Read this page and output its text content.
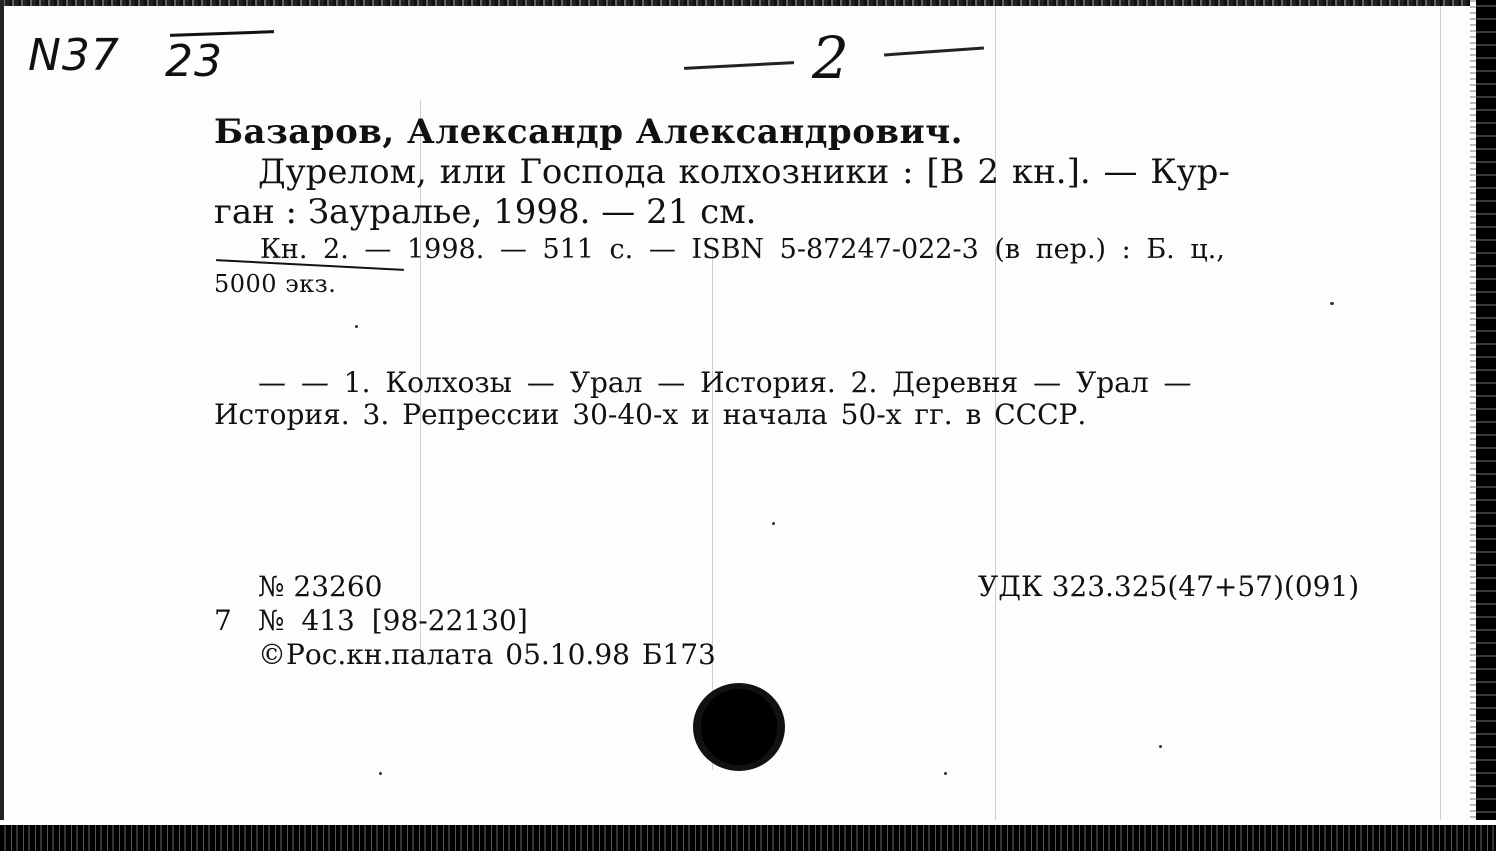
N37 23	2
Базаров, Александр Александрович.
Дурелом, или Господа колхозники : [В 2 кн.]. — Кур-
ган : Зауралье, 1998. — 21 см.
Кн. 2. — 1998. — 511 с. — ISBN 5-87247-022-3 (в пер.) : Б. ц.,
5000 экз.
— — 1. Колхозы — Урал — История. 2. Деревня — Урал —
История. 3. Репрессии 30-40-х и начала 50-х гг. в СССР.
№ 23260	УДК 323.325(47+57)(091)
7 № 413 [98-22130]
©Рос.кн.палата 05.10.98 Б173
